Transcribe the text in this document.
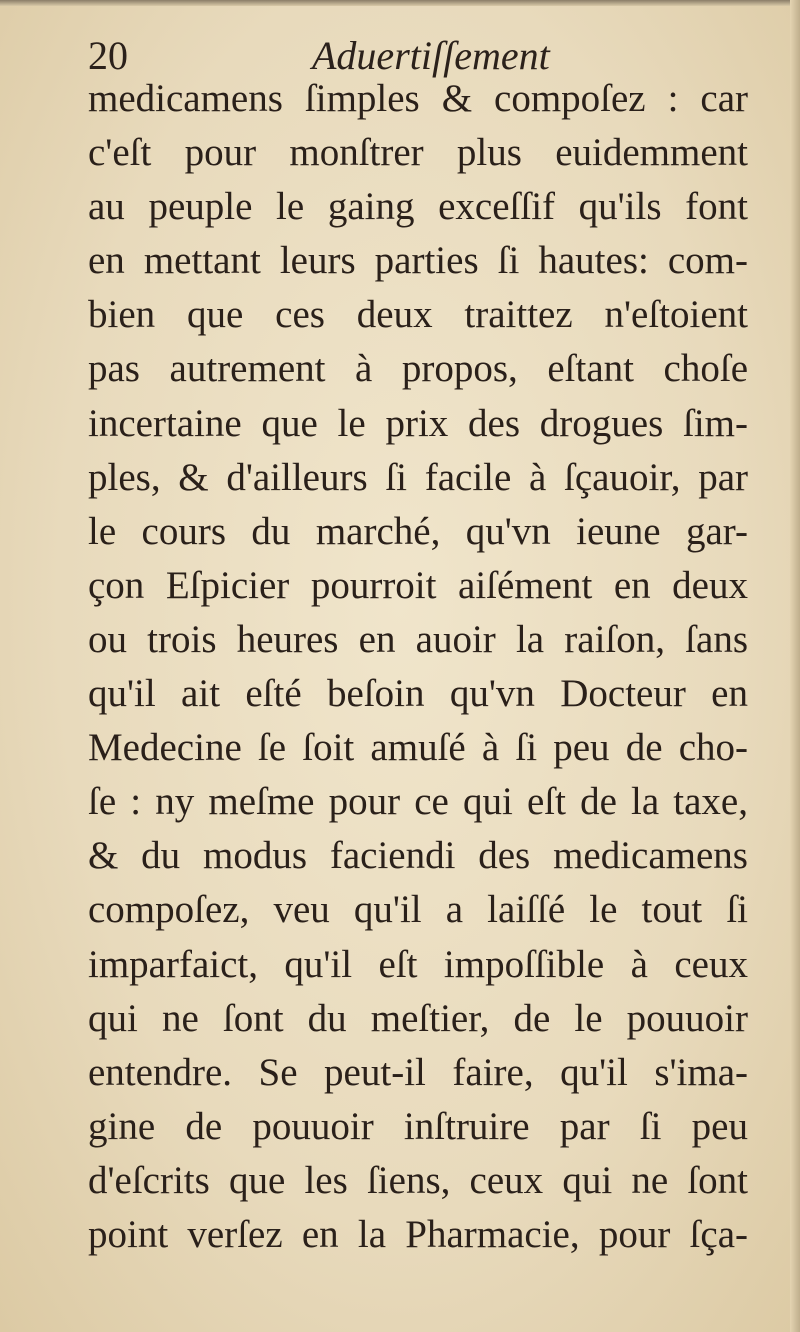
20	Aduertiſſement
medicamens ſimples & compoſez : car
c'eſt pour monſtrer plus euidemment
au peuple le gaing exceſſif qu'ils font
en mettant leurs parties ſi hautes: com-
bien que ces deux traittez n'eſtoient
pas autrement à propos, eſtant choſe
incertaine que le prix des drogues ſim-
ples, & d'ailleurs ſi facile à ſçauoir, par
le cours du marché, qu'vn ieune gar-
çon Eſpicier pourroit aiſément en deux
ou trois heures en auoir la raiſon, ſans
qu'il ait eſté beſoin qu'vn Docteur en
Medecine ſe ſoit amuſé à ſi peu de cho-
ſe : ny meſme pour ce qui eſt de la taxe,
& du modus faciendi des medicamens
compoſez, veu qu'il a laiſſé le tout ſi
imparfaict, qu'il eſt impoſſible à ceux
qui ne ſont du meſtier, de le pouuoir
entendre. Se peut-il faire, qu'il s'ima-
gine de pouuoir inſtruire par ſi peu
d'eſcrits que les ſiens, ceux qui ne ſont
point verſez en la Pharmacie, pour ſça-
